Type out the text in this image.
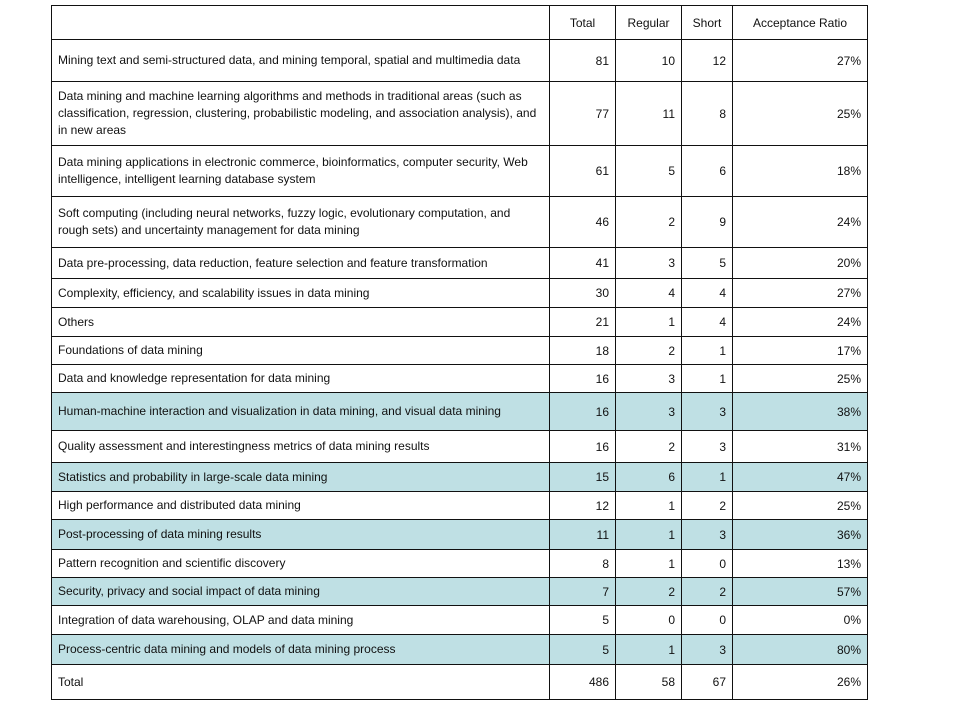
	Total	Regular	Short	Acceptance Ratio
Mining text and semi-structured data, and mining temporal, spatial and multimedia data	81	10	12	27%
Data mining and machine learning algorithms and methods in traditional areas (such as classification, regression, clustering, probabilistic modeling, and association analysis), and in new areas	77	11	8	25%
Data mining applications in electronic commerce, bioinformatics, computer security, Web intelligence, intelligent learning database system	61	5	6	18%
Soft computing (including neural networks, fuzzy logic, evolutionary computation, and rough sets) and uncertainty management for data mining	46	2	9	24%
Data pre-processing, data reduction, feature selection and feature transformation	41	3	5	20%
Complexity, efficiency, and scalability issues in data mining	30	4	4	27%
Others	21	1	4	24%
Foundations of data mining	18	2	1	17%
Data and knowledge representation for data mining	16	3	1	25%
Human-machine interaction and visualization in data mining, and visual data mining	16	3	3	38%
Quality assessment and interestingness metrics of data mining results	16	2	3	31%
Statistics and probability in large-scale data mining	15	6	1	47%
High performance and distributed data mining	12	1	2	25%
Post-processing of data mining results	11	1	3	36%
Pattern recognition and scientific discovery	8	1	0	13%
Security, privacy and social impact of data mining	7	2	2	57%
Integration of data warehousing, OLAP and data mining	5	0	0	0%
Process-centric data mining and models of data mining process	5	1	3	80%
Total	486	58	67	26%
